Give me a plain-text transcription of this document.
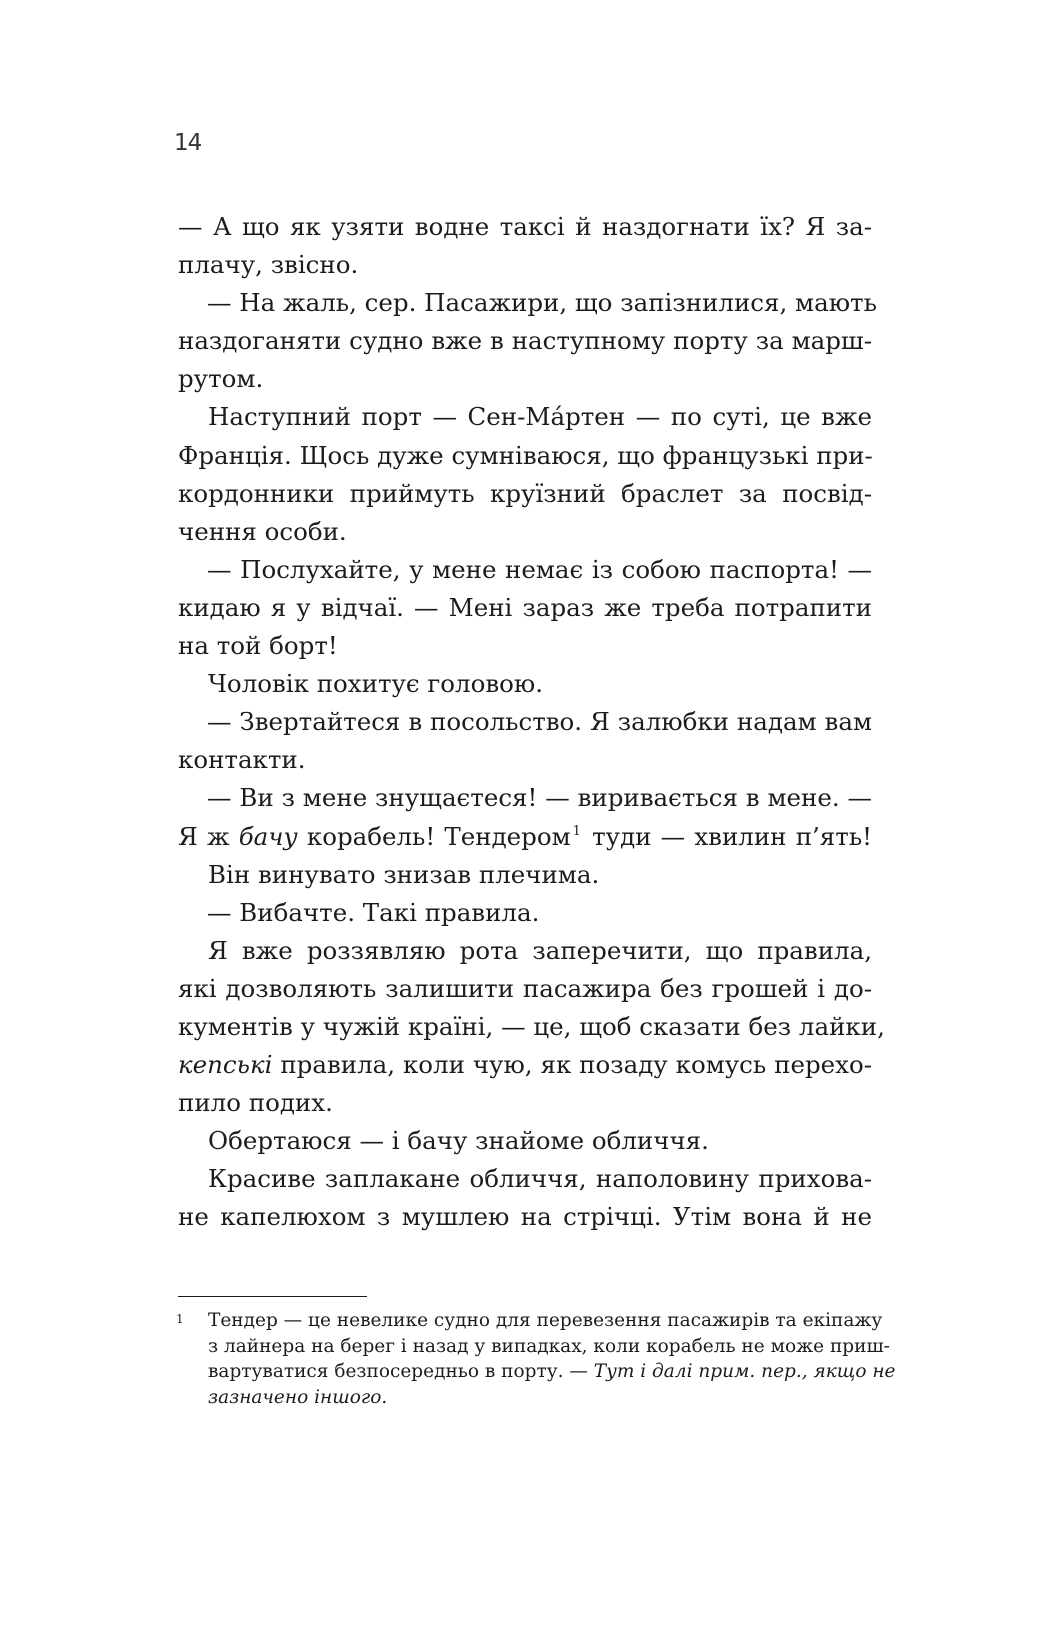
14
— А що як узяти водне таксі й наздогнати їх? Я за-
плачу, звісно.
— На жаль, сер. Пасажири, що запізнилися, мають
наздоганяти судно вже в наступному порту за марш-
рутом.
Наступний порт — Сен-Ма́ртен — по суті, це вже
Франція. Щось дуже сумніваюся, що французькі при-
кордонники приймуть круїзний браслет за посвід-
чення особи.
— Послухайте, у мене немає із собою паспорта! —
кидаю я у відчаї. — Мені зараз же треба потрапити
на той борт!
Чоловік похитує головою.
— Звертайтеся в посольство. Я залюбки надам вам
контакти.
— Ви з мене знущаєтеся! — виривається в мене. —
Я ж бачу корабель! Тендером $^1$ туди — хвилин п’ять!
Він винувато знизав плечима.
— Вибачте. Такі правила.
Я вже роззявляю рота заперечити, що правила,
які дозволяють залишити пасажира без грошей і до-
кументів у чужій країні, — це, щоб сказати без лайки,
кепські правила, коли чую, як позаду комусь перехо-
пило подих.
Обертаюся — і бачу знайоме обличчя.
Красиве заплакане обличчя, наполовину прихова-
не капелюхом з мушлею на стрічці. Утім вона й не
1 Тендер — це невелике судно для перевезення пасажирів та екіпажу
з лайнера на берег і назад у випадках, коли корабель не може приш-
вартуватися безпосередньо в порту. — Тут і далі прим. пер., якщо не
зазначено іншого.
